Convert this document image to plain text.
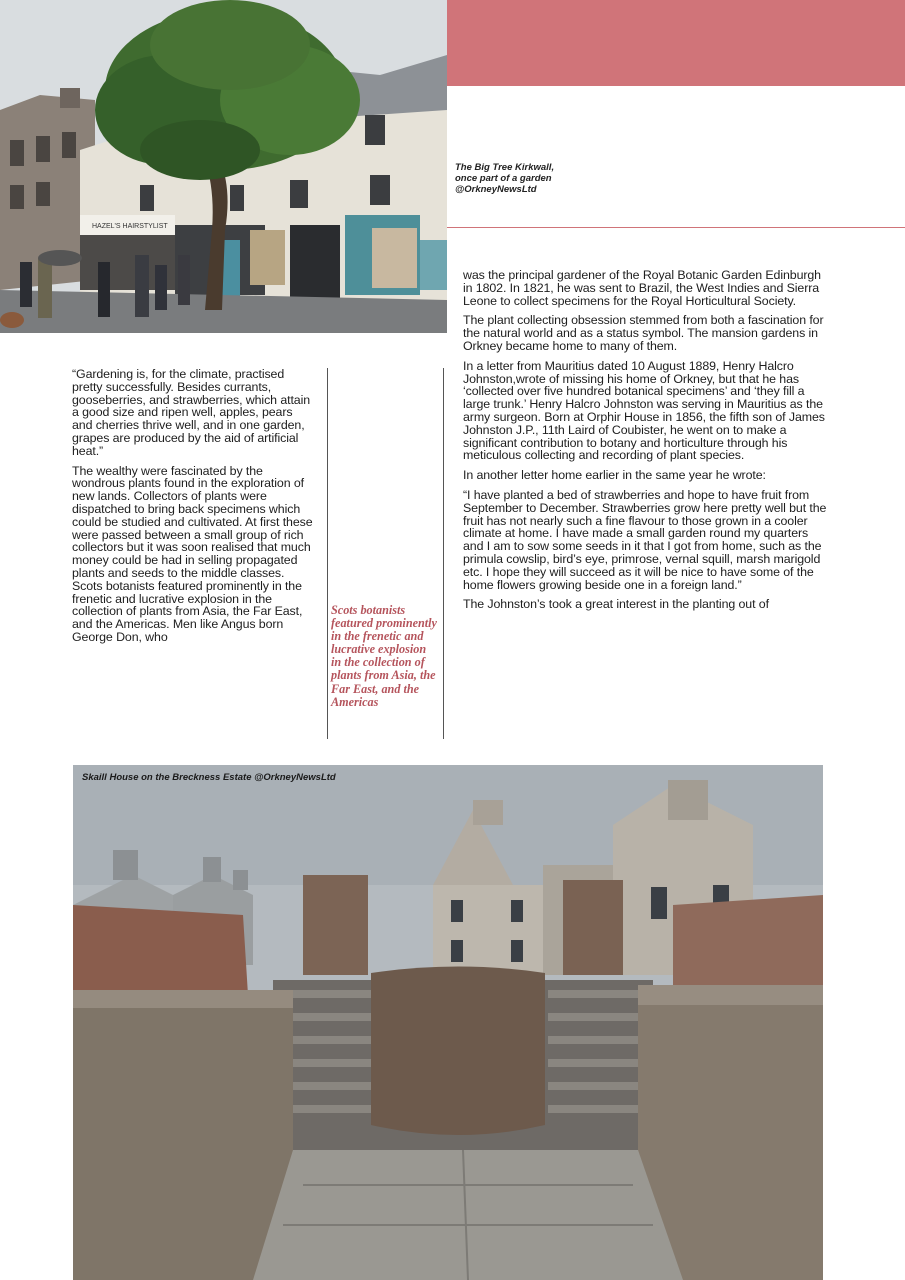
HAZEL'S HAIRSTYLIST
The Big Tree Kirkwall,
once part of a garden
@OrkneyNewsLtd

“Gardening is, for the climate, practised pretty successfully. Besides currants, gooseberries, and strawberries, which attain a good size and ripen well, apples, pears and cherries thrive well, and in one garden, grapes are produced by the aid of artificial heat.”

The wealthy were fascinated by the wondrous plants found in the exploration of new lands. Collectors of plants were dispatched to bring back specimens which could be studied and cultivated. At first these were passed between a small group of rich collectors but it was soon realised that much money could be had in selling propagated plants and seeds to the middle classes. Scots botanists featured prominently in the frenetic and lucrative explosion in the collection of plants from Asia, the Far East, and the Americas. Men like Angus born George Don, who

Scots botanists featured prominently in the frenetic and lucrative explosion in the collection of plants from Asia, the Far East, and the Americas

was the principal gardener of the Royal Botanic Garden Edinburgh in 1802. In 1821, he was sent to Brazil, the West Indies and Sierra Leone to collect specimens for the Royal Horticultural Society.

The plant collecting obsession stemmed from both a fascination for the natural world and as a status symbol. The mansion gardens in Orkney became home to many of them.

In a letter from Mauritius dated 10 August 1889, Henry Halcro Johnston,wrote of missing his home of Orkney, but that he has ‘collected over five hundred botanical specimens’ and ‘they fill a large trunk.’ Henry Halcro Johnston was serving in Mauritius as the army surgeon. Born at Orphir House in 1856, the fifth son of James Johnston J.P., 11th Laird of Coubister, he went on to make a significant contribution to botany and horticulture through his meticulous collecting and recording of plant species.

In another letter home earlier in the same year he wrote:

“I have planted a bed of strawberries and hope to have fruit from September to December. Strawberries grow here pretty well but the fruit has not nearly such a fine flavour to those grown in a cooler climate at home. I have made a small garden round my quarters and I am to sow some seeds in it that I got from home, such as the primula cowslip, bird’s eye, primrose, vernal squill, marsh marigold etc. I hope they will succeed as it will be nice to have some of the home flowers growing beside one in a foreign land.”

The Johnston’s took a great interest in the planting out of

Skaill House on the Breckness Estate @OrkneyNewsLtd
